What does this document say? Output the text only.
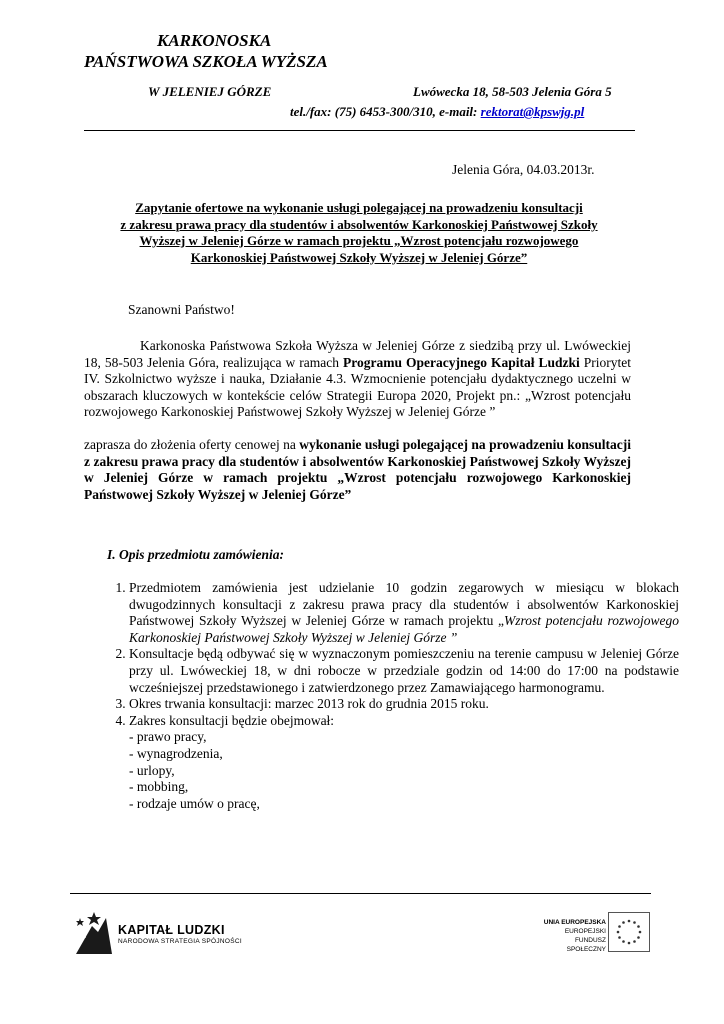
KARKONOSKA
PAŃSTWOWA SZKOŁA WYŻSZA
W JELENIEJ GÓRZE	Lwówecka 18, 58-503 Jelenia Góra 5
tel./fax: (75) 6453-300/310, e-mail: rektorat@kpswjg.pl
Jelenia Góra, 04.03.2013r.
Zapytanie ofertowe na wykonanie usługi polegającej na prowadzeniu konsultacji
z zakresu prawa pracy dla studentów i absolwentów Karkonoskiej Państwowej Szkoły
Wyższej w Jeleniej Górze w ramach projektu „Wzrost potencjału rozwojowego
Karkonoskiej Państwowej Szkoły Wyższej w Jeleniej Górze”
Szanowni Państwo!
Karkonoska Państwowa Szkoła Wyższa w Jeleniej Górze z siedzibą przy ul. Lwóweckiej 18, 58-503 Jelenia Góra, realizująca w ramach Programu Operacyjnego Kapitał Ludzki Priorytet IV. Szkolnictwo wyższe i nauka, Działanie 4.3. Wzmocnienie potencjału dydaktycznego uczelni w obszarach kluczowych w kontekście celów Strategii Europa 2020, Projekt pn.: „Wzrost potencjału rozwojowego Karkonoskiej Państwowej Szkoły Wyższej w Jeleniej Górze ”
zaprasza do złożenia oferty cenowej na wykonanie usługi polegającej na prowadzeniu konsultacji z zakresu prawa pracy dla studentów i absolwentów Karkonoskiej Państwowej Szkoły Wyższej w Jeleniej Górze w ramach projektu „Wzrost potencjału rozwojowego Karkonoskiej Państwowej Szkoły Wyższej w Jeleniej Górze”
I. Opis przedmiotu zamówienia:
1. Przedmiotem zamówienia jest udzielanie 10 godzin zegarowych w miesiącu w blokach dwugodzinnych konsultacji z zakresu prawa pracy dla studentów i absolwentów Karkonoskiej Państwowej Szkoły Wyższej w Jeleniej Górze w ramach projektu „Wzrost potencjału rozwojowego Karkonoskiej Państwowej Szkoły Wyższej w Jeleniej Górze ”
2. Konsultacje będą odbywać się w wyznaczonym pomieszczeniu na terenie campusu w Jeleniej Górze przy ul. Lwóweckiej 18, w dni robocze w przedziale godzin od 14:00 do 17:00 na podstawie wcześniejszej przedstawionego i zatwierdzonego przez Zamawiającego harmonogramu.
3. Okres trwania konsultacji: marzec 2013 rok do grudnia 2015 roku.
4. Zakres konsultacji będzie obejmował:
- prawo pracy,
- wynagrodzenia,
- urlopy,
- mobbing,
- rodzaje umów o pracę,
KAPITAŁ LUDZKI
NARODOWA STRATEGIA SPÓJNOŚCI
UNIA EUROPEJSKA
EUROPEJSKI
FUNDUSZ SPOŁECZNY
